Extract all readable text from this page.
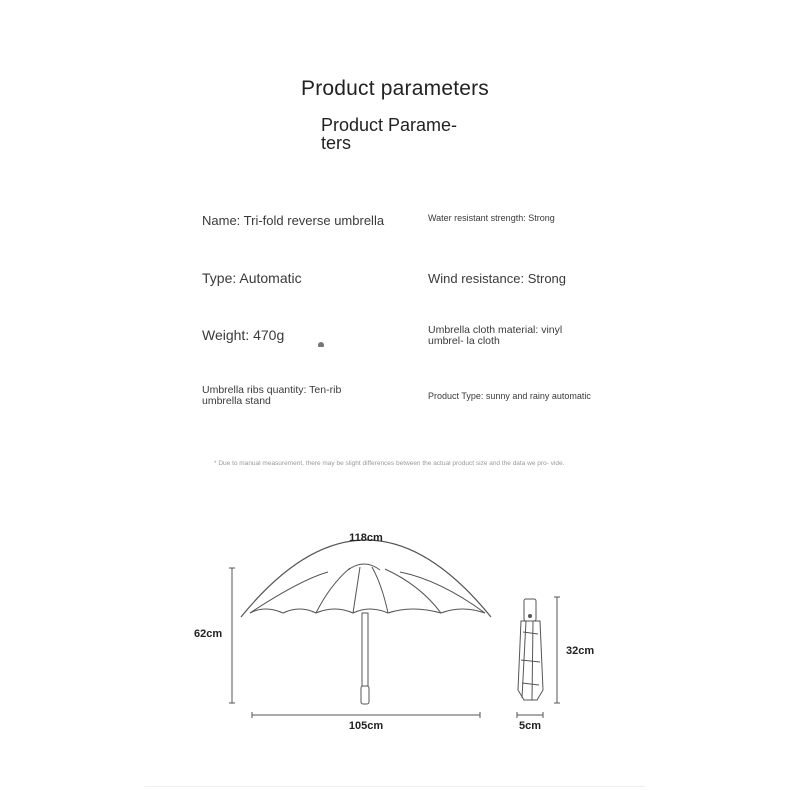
Product parameters
Product Parame- ters
Name: Tri-fold reverse umbrella	Water resistant strength: Strong
Type: Automatic	Wind resistance: Strong
Weight: 470g	Umbrella cloth material: vinyl umbrel- la cloth
Umbrella ribs quantity: Ten-rib umbrella stand	Product Type: sunny and rainy automatic
* Due to manual measurement, there may be slight differences between the actual product size and the data we pro- vide.
118cm
62cm
105cm
32cm
5cm
